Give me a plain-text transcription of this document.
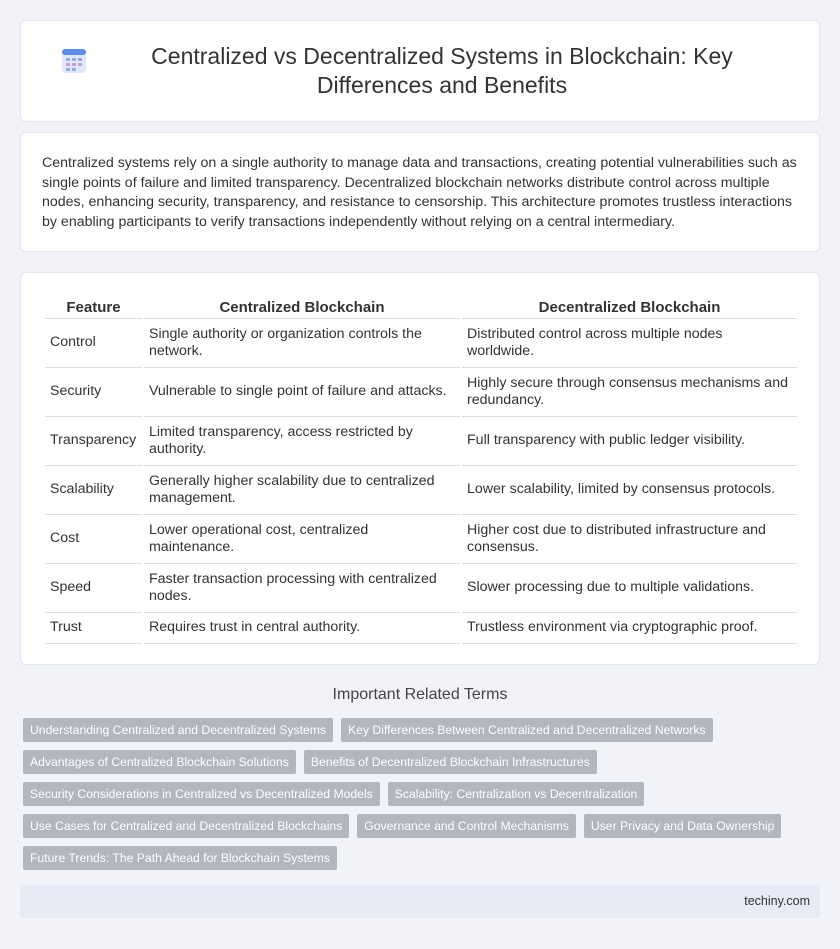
Centralized vs Decentralized Systems in Blockchain: Key Differences and Benefits

Centralized systems rely on a single authority to manage data and transactions, creating potential vulnerabilities such as single points of failure and limited transparency. Decentralized blockchain networks distribute control across multiple nodes, enhancing security, transparency, and resistance to censorship. This architecture promotes trustless interactions by enabling participants to verify transactions independently without relying on a central intermediary.

Feature	Centralized Blockchain	Decentralized Blockchain
Control	Single authority or organization controls the network.	Distributed control across multiple nodes worldwide.
Security	Vulnerable to single point of failure and attacks.	Highly secure through consensus mechanisms and redundancy.
Transparency	Limited transparency, access restricted by authority.	Full transparency with public ledger visibility.
Scalability	Generally higher scalability due to centralized management.	Lower scalability, limited by consensus protocols.
Cost	Lower operational cost, centralized maintenance.	Higher cost due to distributed infrastructure and consensus.
Speed	Faster transaction processing with centralized nodes.	Slower processing due to multiple validations.
Trust	Requires trust in central authority.	Trustless environment via cryptographic proof.
Important Related Terms
Understanding Centralized and Decentralized Systems	Key Differences Between Centralized and Decentralized Networks
Advantages of Centralized Blockchain Solutions	Benefits of Decentralized Blockchain Infrastructures
Security Considerations in Centralized vs Decentralized Models	Scalability: Centralization vs Decentralization
Use Cases for Centralized and Decentralized Blockchains	Governance and Control Mechanisms	User Privacy and Data Ownership
Future Trends: The Path Ahead for Blockchain Systems
techiny.com
